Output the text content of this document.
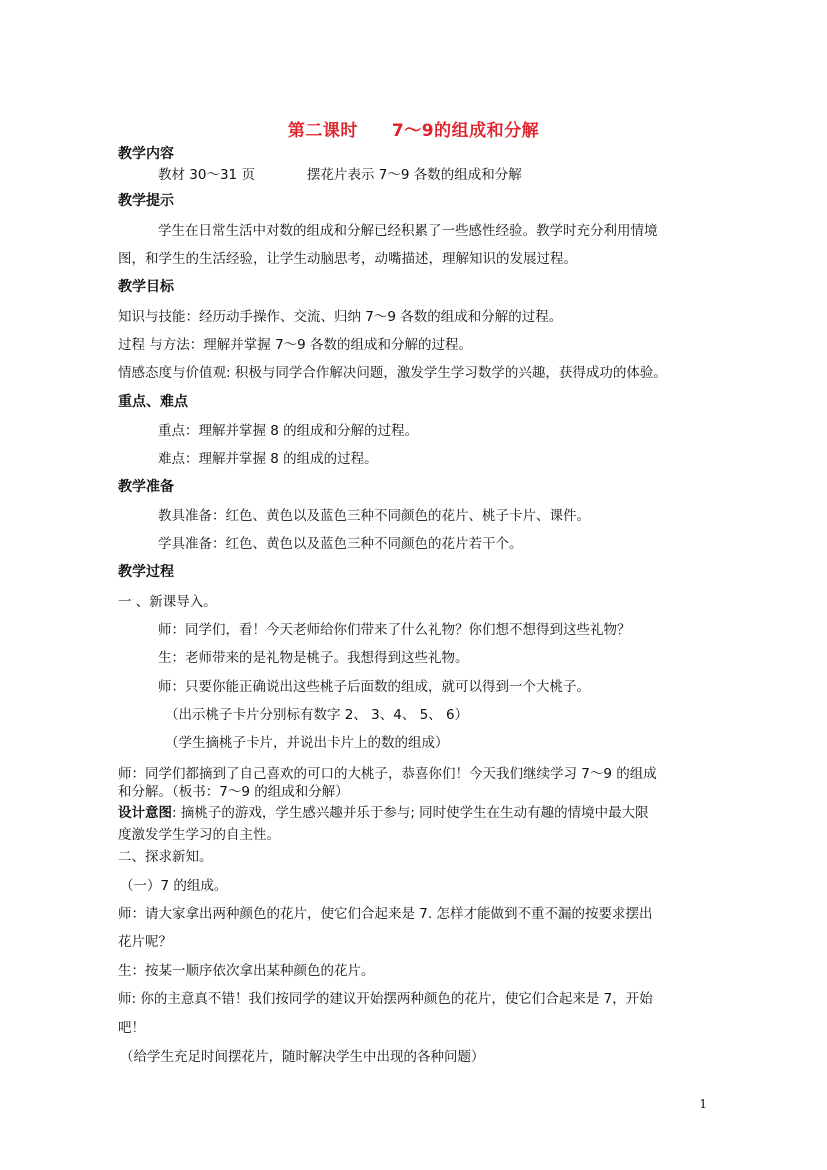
第二课时 7～9的组成和分解
教学内容
教材 30～31 页	摆花片表示 7～9 各数的组成和分解
教学提示
学生在日常生活中对数的组成和分解已经积累了一些感性经验。教学时充分利用情境
图，和学生的生活经验，让学生动脑思考，动嘴描述，理解知识的发展过程。
教学目标
知识与技能：经历动手操作、交流、归纳 7～9 各数的组成和分解的过程。
过程 与方法：理解并掌握 7～9 各数的组成和分解的过程。
情感态度与价值观: 积极与同学合作解决问题，激发学生学习数学的兴趣，获得成功的体验。
重点、难点
重点：理解并掌握 8 的组成和分解的过程。
难点：理解并掌握 8 的组成的过程。
教学准备
教具准备：红色、黄色以及蓝色三种不同颜色的花片、桃子卡片、课件。
学具准备：红色、黄色以及蓝色三种不同颜色的花片若干个。
教学过程
一 、新课导入。
师：同学们，看！今天老师给你们带来了什么礼物？你们想不想得到这些礼物？
生：老师带来的是礼物是桃子。我想得到这些礼物。
师：只要你能正确说出这些桃子后面数的组成，就可以得到一个大桃子。
（出示桃子卡片分别标有数字 2、 3、4、 5、 6）
（学生摘桃子卡片，并说出卡片上的数的组成）
师：同学们都摘到了自己喜欢的可口的大桃子，恭喜你们！今天我们继续学习 7～9 的组成
和分解。（板书：7～9 的组成和分解）
设计意图: 摘桃子的游戏，学生感兴趣并乐于参与; 同时使学生在生动有趣的情境中最大限
度激发学生学习的自主性。
二、探求新知。
（一）7 的组成。
师：请大家拿出两种颜色的花片，使它们合起来是 7. 怎样才能做到不重不漏的按要求摆出
花片呢？
生：按某一顺序依次拿出某种颜色的花片。
师: 你的主意真不错！我们按同学的建议开始摆两种颜色的花片，使它们合起来是 7，开始
吧！
（给学生充足时间摆花片，随时解决学生中出现的各种问题）
1
